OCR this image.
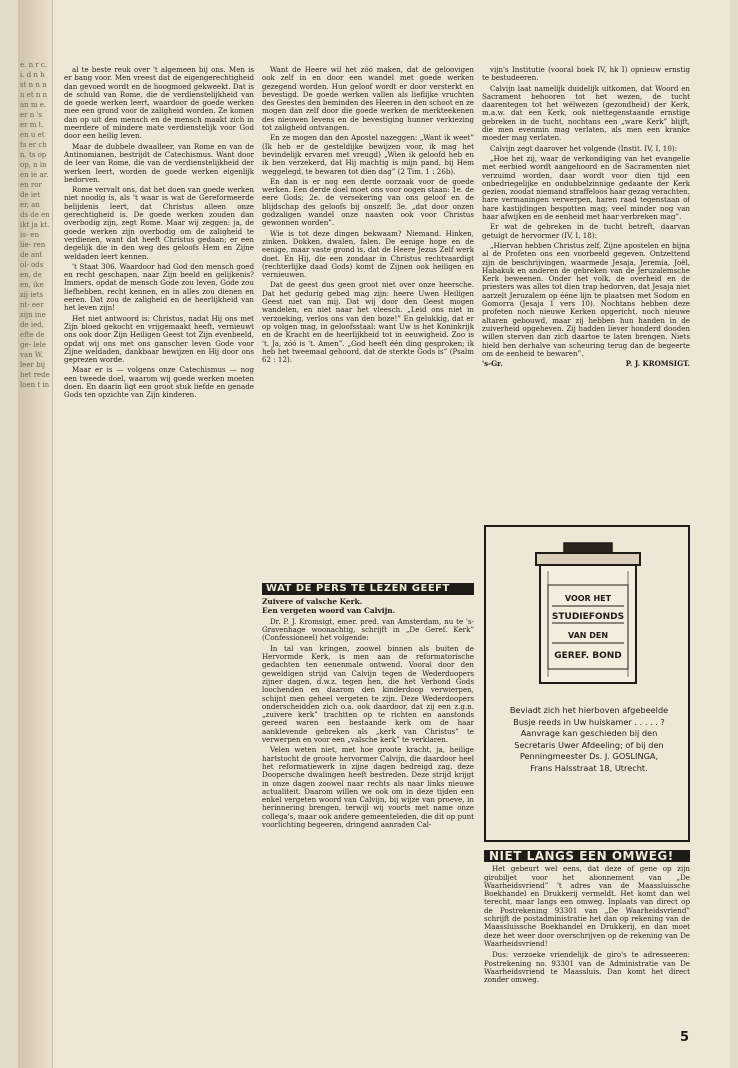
e. n r c. i. d n h st n n n n et n n an m e. er n 's er m t. en u et ts er ch n. ts op op, n in en ie ar. en ror de iet er, an ds de en ikt ja kt. is- en lie- ren de ant ol- ods en, de en, ike zij iets nt- eer zijn ine de ied, efte de ge- lele van W. leer bij het rede loen t in

al te beste reuk over 't algemeen bij ons. Men is er bang voor. Men vreest dat de eigengerechtigheid dan gevoed wordt en de hoogmoed gekweekt. Dat is de schuld van Rome, die de verdienstelijkheid van de goede werken leert, waardoor de goede werken mee een grond voor de zaligheid worden. Ze komen dan op uit den mensch en de mensch maakt zich in meerdere of mindere mate verdienstelijk voor God door een heilig leven.

Maar de dubbele dwaalleer, van Rome en van de Antinomianen, bestrijdt de Catechismus. Want door de leer van Rome, die van de verdienstelijkheid der werken leert, worden de goede werken eigenlijk bedorven.

Rome vervalt ons, dat het doen van goede werken niet noodig is, als 't waar is wat de Gereformeerde belijdenis leert, dat Christus alleen onze gerechtigheid is. De goede werken zouden dan overbodig zijn, zegt Rome. Maar wij zeggen: ja, de goede werken zijn overbodig om de zaligheid te verdienen, want dat heeft Christus gedaan; er een degelijk die in den weg des geloofs Hem en Zijne weldaden leert kennen.

't Staat 306. Waardoor had God den mensch goed en recht geschapen, naar Zijn beeld en gelijkenis? Immers, opdat de mensch Gode zou leven, Gode zou liefhebben, recht kennen, en in alles zou dienen en eeren. Dat zou de zaligheid en de heerlijkheid van het leven zijn!

Het niet antwoord is: Christus, nadat Hij ons met Zijn bloed gekocht en vrijgemaakt heeft, vernieuwt ons ook door Zijn Heiligen Geest tot Zijn evenbeeld, opdat wij ons met ons ganscher leven Gode voor Zijne weldaden, dankbaar bewijzen en Hij door ons geprezen worde.

Maar er is — volgens onze Catechismus — nog een tweede doel, waarom wij goede werken moeten doen. En daarin ligt een groot stuk liefde en genade Gods ten opzichte van Zijn kinderen.

Want de Heere wil het zóó maken, dat de geloovigen ook zelf in en door een wandel met goede werken gezegend worden. Hun geloof wordt er door versterkt en bevestigd. De goede werken vallen als lieflijke vruchten des Geestes den beminden des Heeren in den schoot en ze mogen dan zelf door die goede werken de merkteekenen des nieuwen levens en de bevestiging hunner verkiezing tot zaligheid ontvangen.

En ze mogen dan den Apostel nazeggen: „Want ik weet” (Ik heb er de gesteldijke bewijzen voor, ik mag het bevindelijk ervaren met vreugd) „Wien ik geloofd heb en ik ben verzekerd, dat Hij machtig is mijn pand, bij Hem weggelegd, te bewaren tot dien dag” (2 Tim. 1 : 26b).

En dan is er nog een derde oorzaak voor de goede werken. Een derde doel moet ons voor oogen staan: 1e. de eere Gods; 2e. de versekering van ons geloof en de blijdschap des geloofs bij onszelf; 3e. „dat door onzen godzaligen wandel onze naasten ook voor Christus gewonnen worden”.

Wie is tot deze dingen bekwaam? Niemand. Hinken, zinken. Dokken, dwalen, falen. De eenige hope en de eenige, maar vaste grond is, dat de Heere Jezus Zelf werk doet. En Hij, die een zondaar in Christus rechtvaardigt (rechterlijke daad Gods) komt de Zijnen ook heiligen en vernieuwen.

Dat de geest dus geen groot niet over onze heersche. Dat het gedurig gebed mag zijn: heere Uwen Heiligen Geest niet van mij. Dat wij door den Geest mogen wandelen, en niet naar het vleesch. „Leid ons niet in verzoeking, verlos ons van den boze!” En gelukkig, dat er op volgen mag, in geloofsstaal: want Uw is het Koninkrijk en de Kracht en de heerlijkheid tot in eeuwigheid. Zoo is 't. Ja, zóó is 't. Amen”. „God heeft één ding gesproken; ik heb het tweemaal gehoord, dat de sterkte Gods is” (Psalm 62 : 12).

vijn's Institutie (vooral boek IV, hk I) opnieuw ernstig te bestudeeren.

Calvijn laat namelijk duidelijk uitkomen, dat Woord en Sacrament behooren tot het wezen, de tucht daarentegen tot het wélwezen (gezondheid) der Kerk, m.a.w. dat een Kerk, ook niettegenstaande ernstige gebreken in de tucht, nochtans een „ware Kerk” blijft, die men evenmin mag verlaten, als men een kranke moeder mag verlaten.

Calvijn zegt daarover het volgende (Instit. IV, I, 10):

„Hoe het zij, waar de verkondiging van het evangelie met eerbied wordt aangehoord en de Sacramenten niet verzuimd worden, daar wordt voor dien tijd een onbedriegelijke en ondubbelzinnige gedaante der Kerk gezien, zoodat niemand straffeloos haar gezag verachten, hare vermaningen verwerpen, haren raad tegenstaan of hare kastijdingen bespotten mag; veel minder nog van haar afwijken en de eenheid met haar verbreken mag”.

Er wat de gebreken in de tucht betreft, daarvan getuigt de hervormer (IV, I, 18):

„Hiervan hebben Christus zelf, Zijne apostelen en bijna al de Profeten ons een voorbeeld gegeven. Ontzettend zijn de beschrijvingen, waarmede Jesaja, Jeremia, Joël, Habakuk en anderen de gebreken van de Jeruzalemsche Kerk beweenen. Onder het volk, de overheid en de priesters was alles tot dien trap bedorven, dat Jesaja niet aarzelt Jeruzalem op ééne lijn te plaatsen met Sodom en Gomorra (Jesaja 1 vers 10). Nochtans hebben deze profeten noch nieuwe Kerken opgericht, noch nieuwe altaren gebouwd, maar zij hebben hun handen in de zuiverheid opgeheven. Zij hadden liever honderd dooden willen sterven dan zich daartoe te laten brengen. Niets hield hen derhalve van scheuring terug dan de begeerte om de eenheid te bewaren”.

's-Gr.	P. J. KROMSIGT.
WAT DE PERS TE LEZEN GEEFT
Zuivere of valsche Kerk.
Een vergeten woord van Calvijn.

Dr. P. J. Kromsigt, emer. pred. van Amsterdam, nu te 's-Gravenhage woonachtig, schrijft in „De Geref. Kerk” (Confessioneel) het volgende:

In tal van kringen, zoowel binnen als buiten de Hervormde Kerk, is men aan de reformatorische gedachten ten eenenmale ontwend. Vooral door den geweldigen strijd van Calvijn tegen de Wederdoopers zijner dagen, d.w.z. tegen hen, die het Verbond Gods loochenden en daarom den kinderdoop verwierpen, schijnt men geheel vergeten te zijn. Deze Wederdoopers onderscheidden zich o.a. ook daardoor, dat zij een z.g.n. „zuivere kerk” trachtten op te richten en aanstonds gereed waren een bestaande kerk om de haar aanklevende gebreken als „kerk van Christus” te verwerpen en voor een „valsche kerk” te verklaren.

Velen weten niet, met hoe groote kracht, ja, heilige hartstocht de groote hervormer Calvijn, die daardoor heel het reformatiewerk in zijne dagen bedreigd zag, deze Doopersche dwalingen heeft bestreden. Deze strijd krijgt in onze dagen zoowel naar rechts als naar links nieuwe actualiteit. Daarom willen we ook om in deze tijden een enkel vergeten woord van Calvijn, bij wijze van proeve, in herinnering brengen, terwijl wij voorts met name onze collega's, maar ook andere gemeenteleden, die dit op punt voorlichting begeeren, dringend aanraden Cal-

VOOR HET
STUDIEFONDS
VAN DEN
GEREF. BOND
Beviadt zich het hierboven afgebeelde
Busje reeds in Uw huiskamer . . . . . ?
Aanvrage kan geschieden bij den
Secretaris Uwer Afdeeling; of bij den
Penningmeester Ds. J. GOSLINGA,
Frans Halsstraat 18, Utrecht.
NIET LANGS EEN OMWEG!

Het gebeurt wel eens, dat deze of gene op zijn girobiljet voor het abonnement van „De Waarheidsvriend” 't adres van de Maassluissche Boekhandel en Drukkerij vermeldt. Het komt dan wel terecht, maar langs een omweg. Inplaats van direct op de Postrekening 93301 van „De Waarheidsvriend” schrijft de postadministratie het dan op rekening van de Maassluissche Boekhandel en Drukkerij, en dan moet deze het weer door overschrijven op de rekening van De Waarheidsvriend!

Dus: verzoeke vriendelijk de giro's te adresseeren: Postrekening no. 93301 van de Administratie van De Waarheidsvriend te Maassluis. Dan komt het direct zonder omweg.

5
